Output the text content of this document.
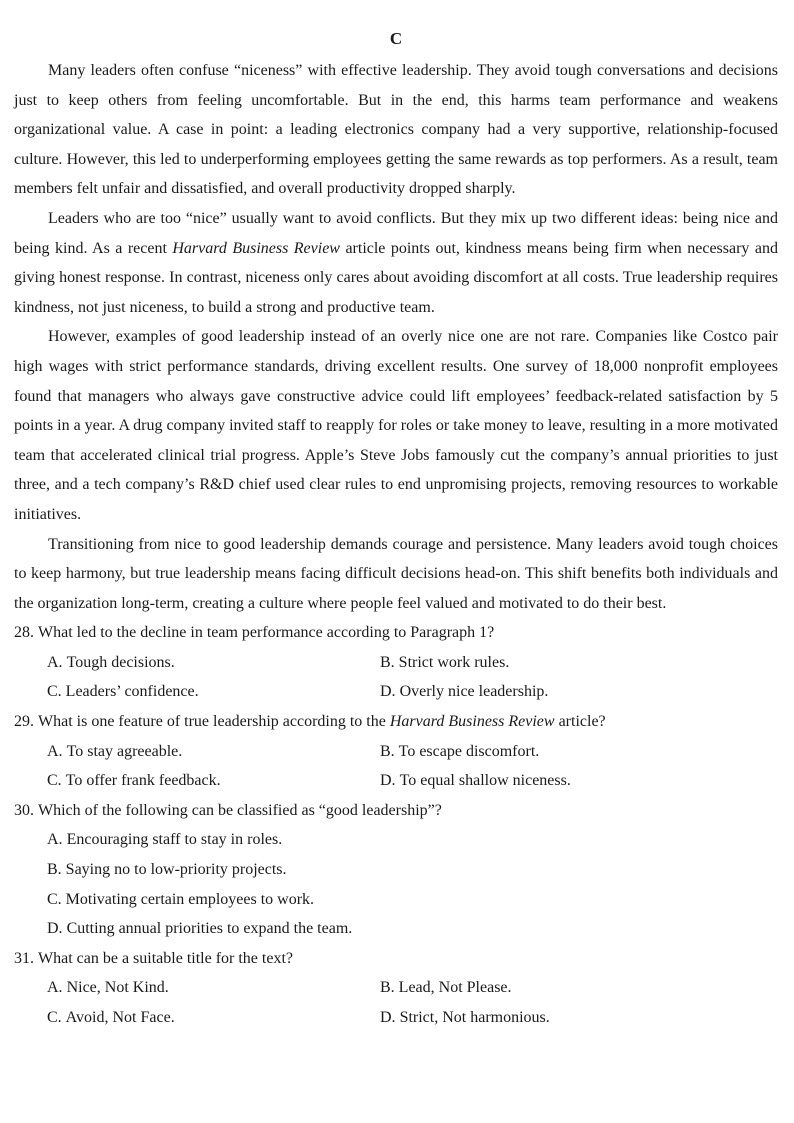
C

Many leaders often confuse “niceness” with effective leadership. They avoid tough conversations and decisions just to keep others from feeling uncomfortable. But in the end, this harms team performance and weakens organizational value. A case in point: a leading electronics company had a very supportive, relationship-focused culture. However, this led to underperforming employees getting the same rewards as top performers. As a result, team members felt unfair and dissatisfied, and overall productivity dropped sharply.

Leaders who are too “nice” usually want to avoid conflicts. But they mix up two different ideas: being nice and being kind. As a recent Harvard Business Review article points out, kindness means being firm when necessary and giving honest response. In contrast, niceness only cares about avoiding discomfort at all costs. True leadership requires kindness, not just niceness, to build a strong and productive team.

However, examples of good leadership instead of an overly nice one are not rare. Companies like Costco pair high wages with strict performance standards, driving excellent results. One survey of 18,000 nonprofit employees found that managers who always gave constructive advice could lift employees’ feedback-related satisfaction by 5 points in a year. A drug company invited staff to reapply for roles or take money to leave, resulting in a more motivated team that accelerated clinical trial progress. Apple’s Steve Jobs famously cut the company’s annual priorities to just three, and a tech company’s R&D chief used clear rules to end unpromising projects, removing resources to workable initiatives.

Transitioning from nice to good leadership demands courage and persistence. Many leaders avoid tough choices to keep harmony, but true leadership means facing difficult decisions head-on. This shift benefits both individuals and the organization long-term, creating a culture where people feel valued and motivated to do their best.

28. What led to the decline in team performance according to Paragraph 1?

A. Tough decisions.	B. Strict work rules.
C. Leaders’ confidence.	D. Overly nice leadership.

29. What is one feature of true leadership according to the Harvard Business Review article?

A. To stay agreeable.	B. To escape discomfort.
C. To offer frank feedback.	D. To equal shallow niceness.

30. Which of the following can be classified as “good leadership”?

A. Encouraging staff to stay in roles.
B. Saying no to low-priority projects.
C. Motivating certain employees to work.
D. Cutting annual priorities to expand the team.

31. What can be a suitable title for the text?

A. Nice, Not Kind.	B. Lead, Not Please.
C. Avoid, Not Face.	D. Strict, Not harmonious.
